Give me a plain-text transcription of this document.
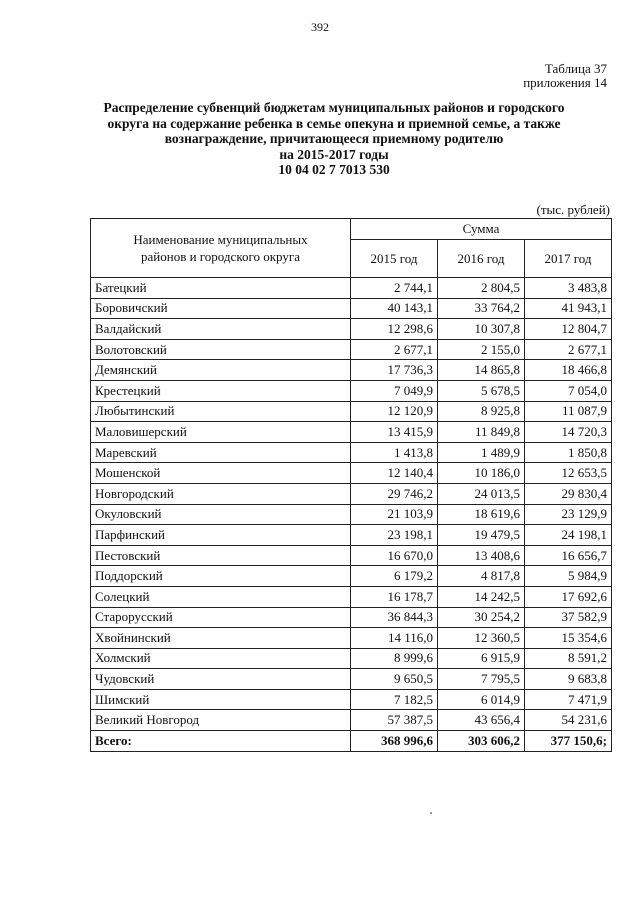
392
Таблица 37
приложения 14
Распределение субвенций бюджетам муниципальных районов и городского
округа на содержание ребенка в семье опекуна и приемной семье, а также
вознаграждение, причитающееся приемному родителю
на 2015-2017 годы
10 04 02 7 7013 530
(тыс. рублей)
Наименование муниципальных
районов и городского округа	Сумма		
	2015 год	2016 год	2017 год
Батецкий	2 744,1	2 804,5	3 483,8
Боровичский	40 143,1	33 764,2	41 943,1
Валдайский	12 298,6	10 307,8	12 804,7
Волотовский	2 677,1	2 155,0	2 677,1
Демянский	17 736,3	14 865,8	18 466,8
Крестецкий	7 049,9	5 678,5	7 054,0
Любытинский	12 120,9	8 925,8	11 087,9
Маловишерский	13 415,9	11 849,8	14 720,3
Маревский	1 413,8	1 489,9	1 850,8
Мошенской	12 140,4	10 186,0	12 653,5
Новгородский	29 746,2	24 013,5	29 830,4
Окуловский	21 103,9	18 619,6	23 129,9
Парфинский	23 198,1	19 479,5	24 198,1
Пестовский	16 670,0	13 408,6	16 656,7
Поддорский	6 179,2	4 817,8	5 984,9
Солецкий	16 178,7	14 242,5	17 692,6
Старорусский	36 844,3	30 254,2	37 582,9
Хвойнинский	14 116,0	12 360,5	15 354,6
Холмский	8 999,6	6 915,9	8 591,2
Чудовский	9 650,5	7 795,5	9 683,8
Шимский	7 182,5	6 014,9	7 471,9
Великий Новгород	57 387,5	43 656,4	54 231,6
Всего:	368 996,6	303 606,2	377 150,6;
